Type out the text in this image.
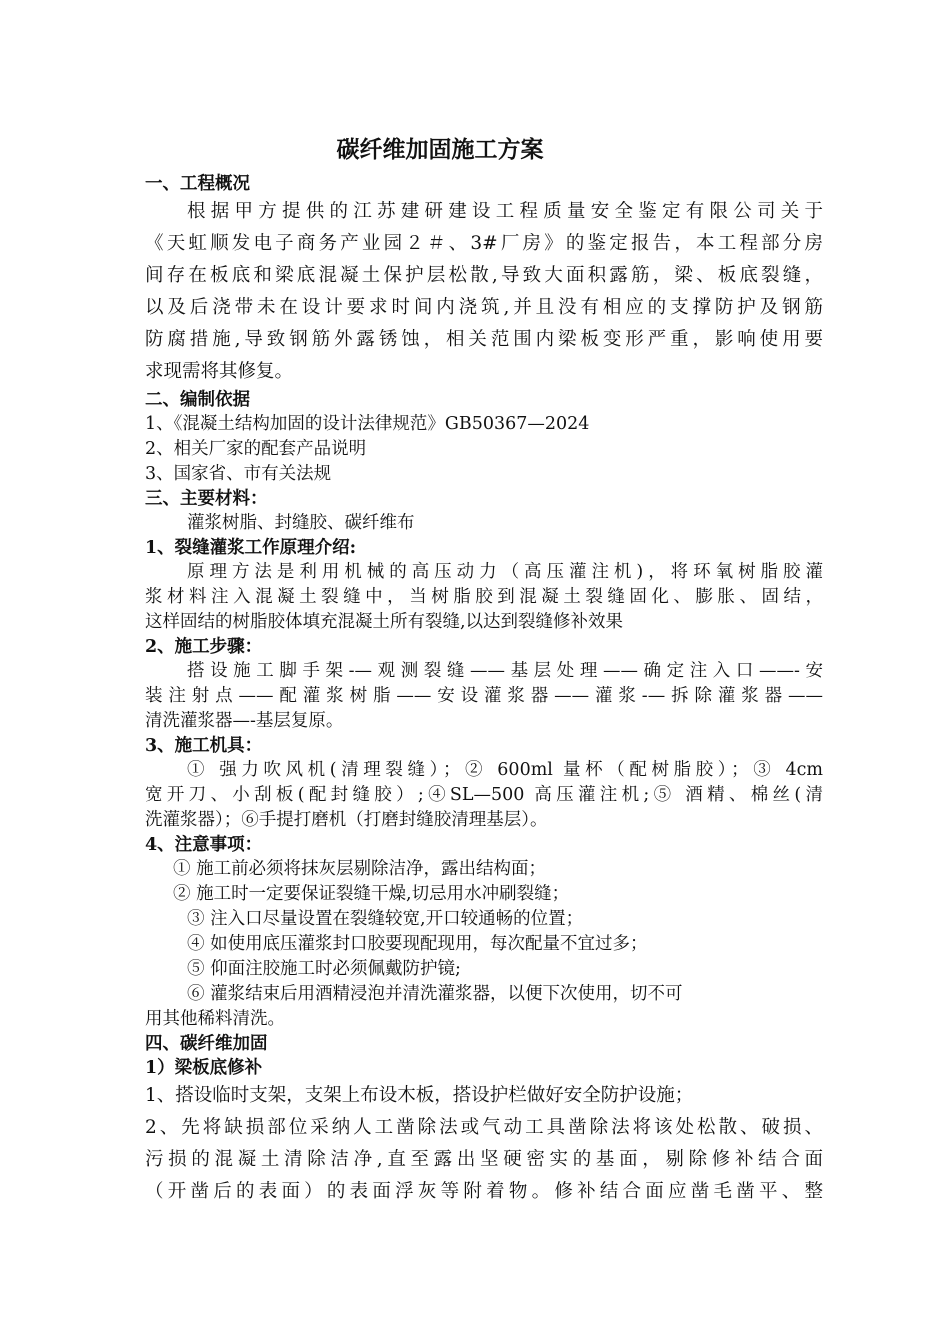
碳纤维加固施工方案
一、工程概况
根据甲方提供的江苏建研建设工程质量安全鉴定有限公司关于
《天虹顺发电子商务产业园２＃、3#厂房》的鉴定报告，本工程部分房
间存在板底和梁底混凝土保护层松散,导致大面积露筋，梁、板底裂缝，
以及后浇带未在设计要求时间内浇筑,并且没有相应的支撑防护及钢筋
防腐措施,导致钢筋外露锈蚀，相关范围内梁板变形严重，影响使用要
求现需将其修复。
二、编制依据
1、《混凝土结构加固的设计法律规范》GB50367—2024
2、相关厂家的配套产品说明
3、国家省、市有关法规
三、主要材料：
灌浆树脂、封缝胶、碳纤维布
1、裂缝灌浆工作原理介绍:
原理方法是利用机械的高压动力（高压灌注机)，将环氧树脂胶灌
浆材料注入混凝土裂缝中，当树脂胶到混凝土裂缝固化、膨胀、固结，
这样固结的树脂胶体填充混凝土所有裂缝,以达到裂缝修补效果
2、施工步骤：
搭设施工脚手架-—观测裂缝——基层处理——确定注入口——-安
装注射点——配灌浆树脂——安设灌浆器——灌浆-—拆除灌浆器——
清洗灌浆器—-基层复原。
3、施工机具：
① 强力吹风机(清理裂缝）；② 600ml 量杯（配树脂胶）；③ 4cm
宽开刀、小刮板(配封缝胶）;④SL—500 高压灌注机;⑤ 酒精、棉丝(清
洗灌浆器）；⑥手提打磨机（打磨封缝胶清理基层）。
4、注意事项：
① 施工前必须将抹灰层剔除洁净，露出结构面；
② 施工时一定要保证裂缝干燥,切忌用水冲刷裂缝；
③ 注入口尽量设置在裂缝较宽,开口较通畅的位置；
④ 如使用底压灌浆封口胶要现配现用，每次配量不宜过多；
⑤ 仰面注胶施工时必须佩戴防护镜;
⑥ 灌浆结束后用酒精浸泡并清洗灌浆器，以便下次使用，切不可
用其他稀料清洗。
四、碳纤维加固
1）梁板底修补
1、搭设临时支架，支架上布设木板，搭设护栏做好安全防护设施；
2、先将缺损部位采纳人工凿除法或气动工具凿除法将该处松散、破损、
污损的混凝土清除洁净,直至露出坚硬密实的基面，剔除修补结合面
（开凿后的表面）的表面浮灰等附着物。修补结合面应凿毛凿平、整
